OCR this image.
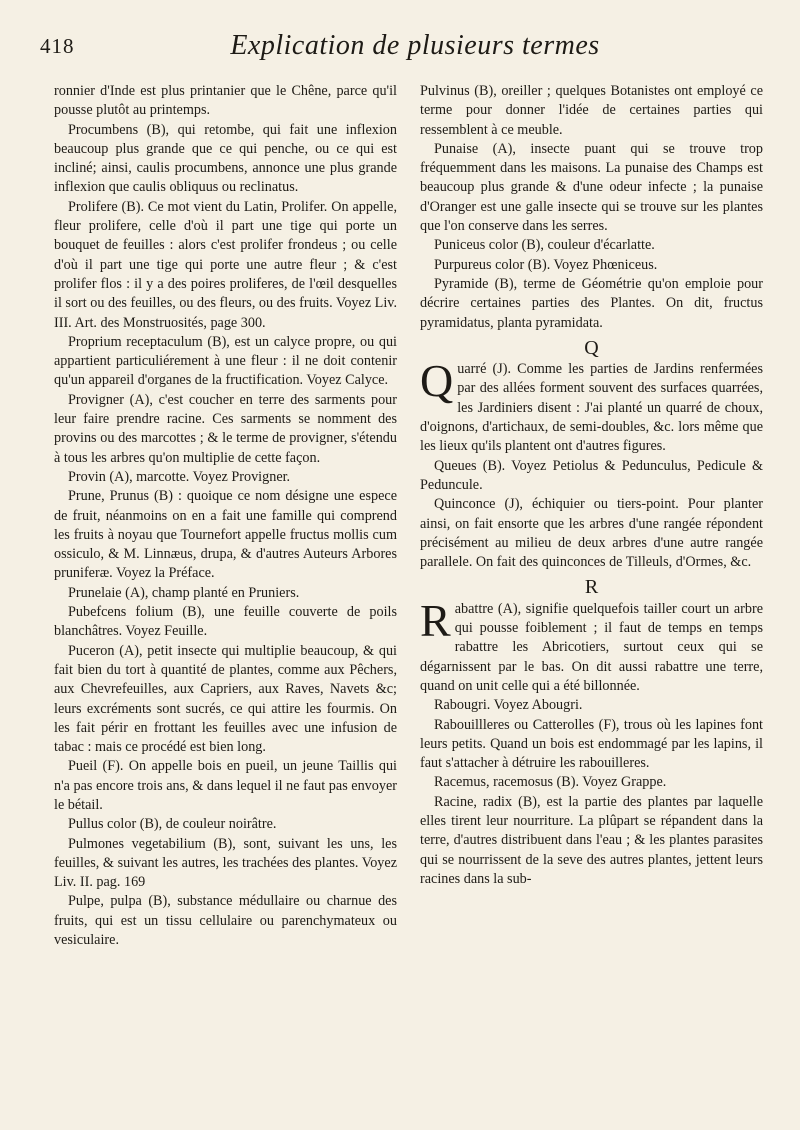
418	Explication de plusieurs termes

ronnier d'Inde est plus printanier que le Chêne, parce qu'il pousse plutôt au printemps.

Procumbens (B), qui retombe, qui fait une inflexion beaucoup plus grande que ce qui penche, ou ce qui est incliné; ainsi, caulis procumbens, annonce une plus grande inflexion que caulis obliquus ou reclinatus.

Prolifere (B). Ce mot vient du Latin, Prolifer. On appelle, fleur prolifere, celle d'où il part une tige qui porte un bouquet de feuilles : alors c'est prolifer frondeus ; ou celle d'où il part une tige qui porte une autre fleur ; & c'est prolifer flos : il y a des poires proliferes, de l'œil desquelles il sort ou des feuilles, ou des fleurs, ou des fruits. Voyez Liv. III. Art. des Monstruosités, page 300.

Proprium receptaculum (B), est un calyce propre, ou qui appartient particuliérement à une fleur : il ne doit contenir qu'un appareil d'organes de la fructification. Voyez Calyce.

Provigner (A), c'est coucher en terre des sarments pour leur faire prendre racine. Ces sarments se nomment des provins ou des marcottes ; & le terme de provigner, s'étendu à tous les arbres qu'on multiplie de cette façon.

Provin (A), marcotte. Voyez Provigner.

Prune, Prunus (B) : quoique ce nom désigne une espece de fruit, néanmoins on en a fait une famille qui comprend les fruits à noyau que Tournefort appelle fructus mollis cum ossiculo, & M. Linnæus, drupa, & d'autres Auteurs Arbores pruniferæ. Voyez la Préface.

Prunelaie (A), champ planté en Pruniers.

Pubefcens folium (B), une feuille couverte de poils blanchâtres. Voyez Feuille.

Puceron (A), petit insecte qui multiplie beaucoup, & qui fait bien du tort à quantité de plantes, comme aux Pêchers, aux Chevrefeuilles, aux Capriers, aux Raves, Navets &c; leurs excréments sont sucrés, ce qui attire les fourmis. On les fait périr en frottant les feuilles avec une infusion de tabac : mais ce procédé est bien long.

Pueil (F). On appelle bois en pueil, un jeune Taillis qui n'a pas encore trois ans, & dans lequel il ne faut pas envoyer le bétail.

Pullus color (B), de couleur noirâtre.

Pulmones vegetabilium (B), sont, suivant les uns, les feuilles, & suivant les autres, les trachées des plantes. Voyez Liv. II. pag. 169

Pulpe, pulpa (B), substance médullaire ou charnue des fruits, qui est un tissu cellulaire ou parenchymateux ou vesiculaire.

Pulvinus (B), oreiller ; quelques Botanistes ont employé ce terme pour donner l'idée de certaines parties qui ressemblent à ce meuble.

Punaise (A), insecte puant qui se trouve trop fréquemment dans les maisons. La punaise des Champs est beaucoup plus grande & d'une odeur infecte ; la punaise d'Oranger est une galle insecte qui se trouve sur les plantes que l'on conserve dans les serres.

Puniceus color (B), couleur d'écarlatte.

Purpureus color (B). Voyez Phœniceus.

Pyramide (B), terme de Géométrie qu'on emploie pour décrire certaines parties des Plantes. On dit, fructus pyramidatus, planta pyramidata.

Q

Quarré (J). Comme les parties de Jardins renfermées par des allées forment souvent des surfaces quarrées, les Jardiniers disent : J'ai planté un quarré de choux, d'oignons, d'artichaux, de semi-doubles, &c. lors même que les lieux qu'ils plantent ont d'autres figures.

Queues (B). Voyez Petiolus & Pedunculus, Pedicule & Peduncule.

Quinconce (J), échiquier ou tiers-point. Pour planter ainsi, on fait ensorte que les arbres d'une rangée répondent précisément au milieu de deux arbres d'une autre rangée parallele. On fait des quinconces de Tilleuls, d'Ormes, &c.

R

Rabattre (A), signifie quelquefois tailler court un arbre qui pousse foiblement ; il faut de temps en temps rabattre les Abricotiers, surtout ceux qui se dégarnissent par le bas. On dit aussi rabattre une terre, quand on unit celle qui a été billonnée.

Rabougri. Voyez Abougri.

Rabouillleres ou Catterolles (F), trous où les lapines font leurs petits. Quand un bois est endommagé par les lapins, il faut s'attacher à détruire les rabouilleres.

Racemus, racemosus (B). Voyez Grappe.

Racine, radix (B), est la partie des plantes par laquelle elles tirent leur nourriture. La plûpart se répandent dans la terre, d'autres distribuent dans l'eau ; & les plantes parasites qui se nourrissent de la seve des autres plantes, jettent leurs racines dans la sub-
